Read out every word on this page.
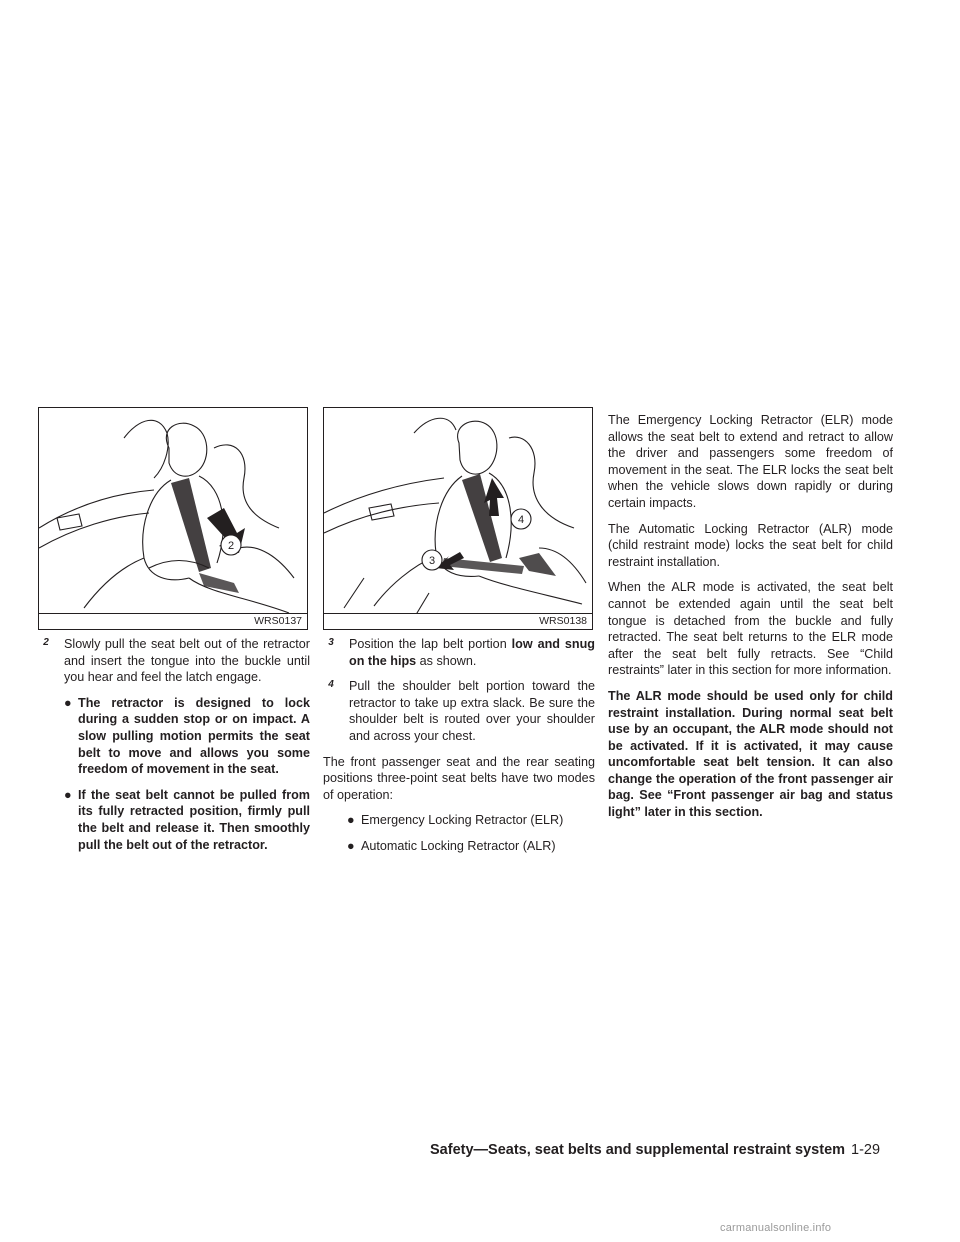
2
WRS0137
2	Slowly pull the seat belt out of the retractor and insert the tongue into the buckle until you hear and feel the latch engage.
● The retractor is designed to lock during a sudden stop or on impact. A slow pulling motion permits the seat belt to move and allows you some freedom of movement in the seat.
● If the seat belt cannot be pulled from its fully retracted position, firmly pull the belt and release it. Then smoothly pull the belt out of the retractor.
4
3
WRS0138
3	Position the lap belt portion low and snug on the hips as shown.
4	Pull the shoulder belt portion toward the retractor to take up extra slack. Be sure the shoulder belt is routed over your shoulder and across your chest.

The front passenger seat and the rear seating positions three-point seat belts have two modes of operation:

● Emergency Locking Retractor (ELR)
● Automatic Locking Retractor (ALR)

The Emergency Locking Retractor (ELR) mode allows the seat belt to extend and retract to allow the driver and passengers some freedom of movement in the seat. The ELR locks the seat belt when the vehicle slows down rapidly or during certain impacts.

The Automatic Locking Retractor (ALR) mode (child restraint mode) locks the seat belt for child restraint installation.

When the ALR mode is activated, the seat belt cannot be extended again until the seat belt tongue is detached from the buckle and fully retracted. The seat belt returns to the ELR mode after the seat belt fully retracts. See “Child restraints” later in this section for more information.

The ALR mode should be used only for child restraint installation. During normal seat belt use by an occupant, the ALR mode should not be activated. If it is activated, it may cause uncomfortable seat belt tension. It can also change the operation of the front passenger air bag. See “Front passenger air bag and status light” later in this section.

Safety—Seats, seat belts and supplemental restraint system 1-29
carmanualsonline.info
